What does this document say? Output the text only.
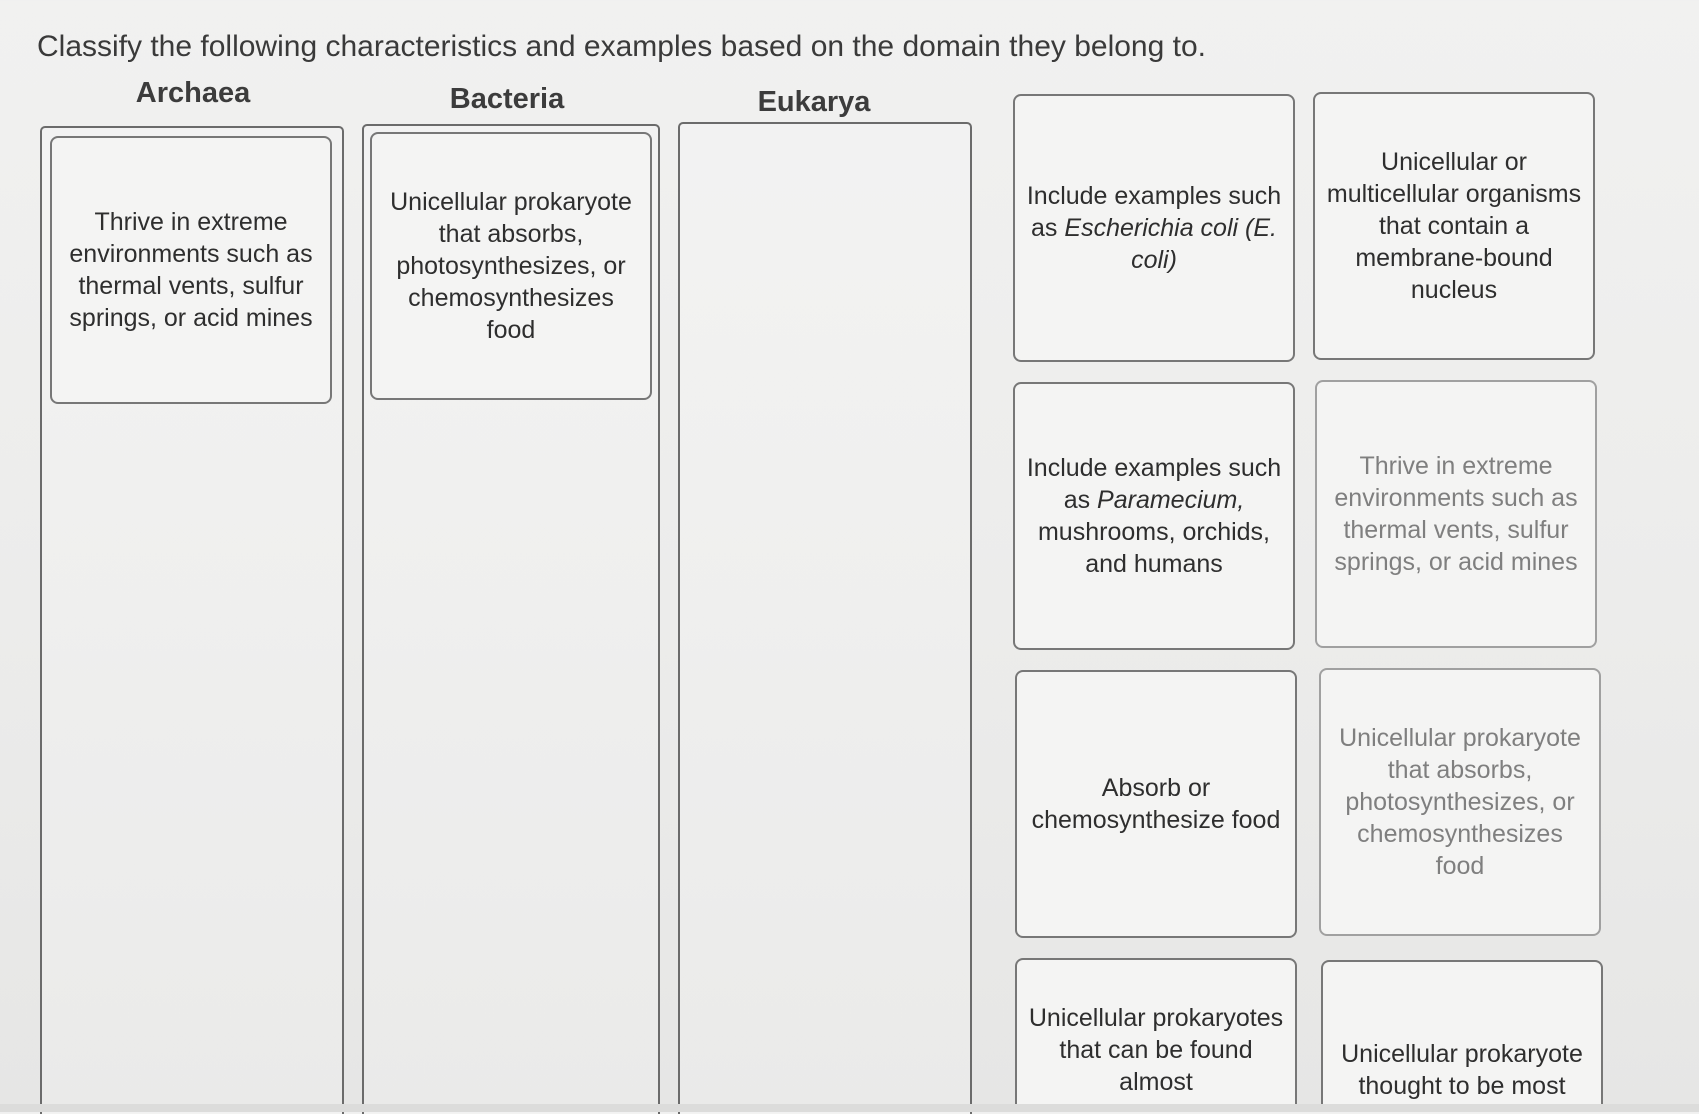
Classify the following characteristics and examples based on the domain they belong to.
Archaea	Bacteria	Eukarya
Thrive in extreme environments such as thermal vents, sulfur springs, or acid mines
Unicellular prokaryote that absorbs, photosynthesizes, or chemosynthesizes food
Include examples such as Escherichia coli (E. coli)
Unicellular or multicellular organisms that contain a membrane-bound nucleus
Include examples such as Paramecium, mushrooms, orchids, and humans
Thrive in extreme environments such as thermal vents, sulfur springs, or acid mines
Absorb or chemosynthesize food
Unicellular prokaryote that absorbs, photosynthesizes, or chemosynthesizes food
Unicellular prokaryotes that can be found almost
Unicellular prokaryote thought to be most
